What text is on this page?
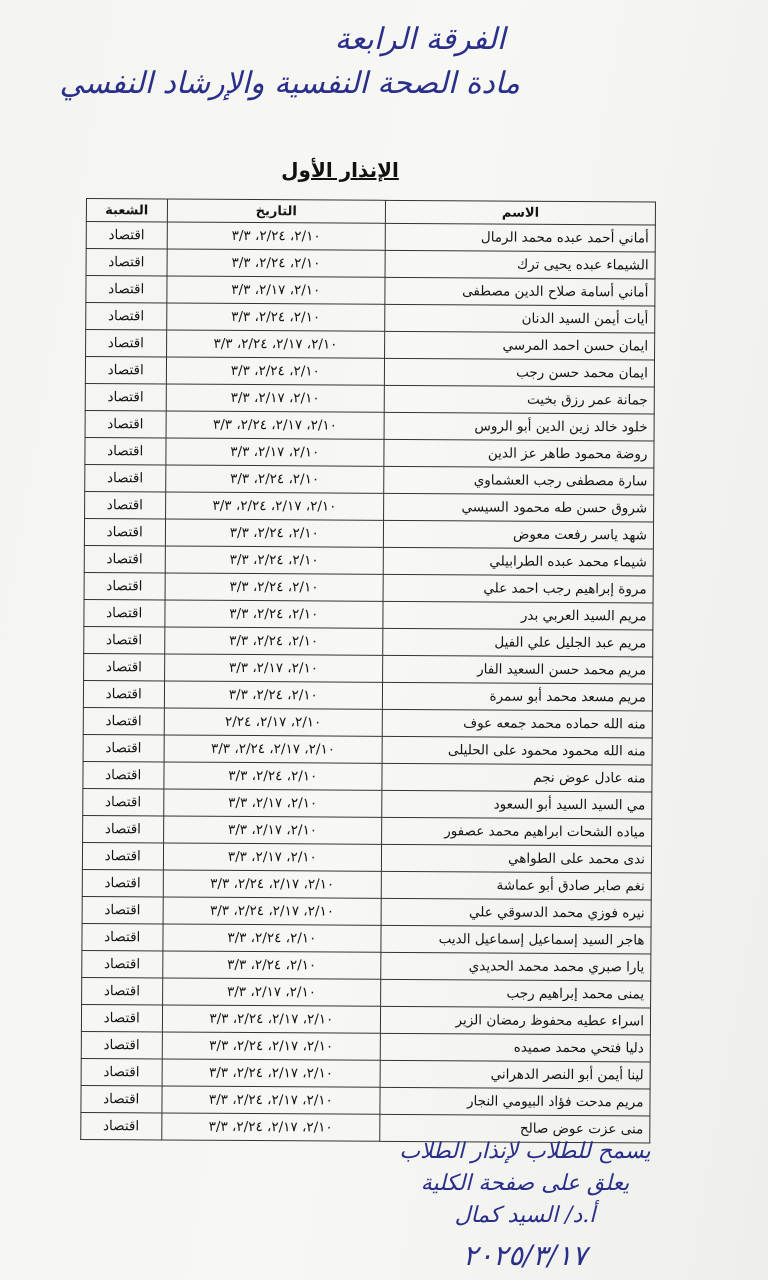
الفرقة الرابعة
مادة الصحة النفسية والإرشاد النفسي
الإنذار الأول
الاسم	التاريخ	الشعبة
أماني أحمد عبده محمد الرمال	٢/١٠، ٢/٢٤، ٣/٣	اقتصاد
الشيماء عبده يحيى ترك	٢/١٠، ٢/٢٤، ٣/٣	اقتصاد
أماني أسامة صلاح الدين مصطفى	٢/١٠، ٢/١٧، ٣/٣	اقتصاد
أيات أيمن السيد الدنان	٢/١٠، ٢/٢٤، ٣/٣	اقتصاد
ايمان حسن احمد المرسي	٢/١٠، ٢/١٧، ٢/٢٤، ٣/٣	اقتصاد
ايمان محمد حسن رجب	٢/١٠، ٢/٢٤، ٣/٣	اقتصاد
جمانة عمر رزق بخيت	٢/١٠، ٢/١٧، ٣/٣	اقتصاد
خلود خالد زين الدين أبو الروس	٢/١٠، ٢/١٧، ٢/٢٤، ٣/٣	اقتصاد
روضة محمود طاهر عز الدين	٢/١٠، ٢/١٧، ٣/٣	اقتصاد
سارة مصطفى رجب العشماوي	٢/١٠، ٢/٢٤، ٣/٣	اقتصاد
شروق حسن طه محمود السيسي	٢/١٠، ٢/١٧، ٢/٢٤، ٣/٣	اقتصاد
شهد ياسر رفعت معوض	٢/١٠، ٢/٢٤، ٣/٣	اقتصاد
شيماء محمد عبده الطرابيلي	٢/١٠، ٢/٢٤، ٣/٣	اقتصاد
مروة إبراهيم رجب احمد علي	٢/١٠، ٢/٢٤، ٣/٣	اقتصاد
مريم السيد العربي بدر	٢/١٠، ٢/٢٤، ٣/٣	اقتصاد
مريم عبد الجليل علي الفيل	٢/١٠، ٢/٢٤، ٣/٣	اقتصاد
مريم محمد حسن السعيد الفار	٢/١٠، ٢/١٧، ٣/٣	اقتصاد
مريم مسعد محمد أبو سمرة	٢/١٠، ٢/٢٤، ٣/٣	اقتصاد
منه الله حماده محمد جمعه عوف	٢/١٠، ٢/١٧، ٢/٢٤	اقتصاد
منه الله محمود محمود على الحليلى	٢/١٠، ٢/١٧، ٢/٢٤، ٣/٣	اقتصاد
منه عادل عوض نجم	٢/١٠، ٢/٢٤، ٣/٣	اقتصاد
مي السيد السيد أبو السعود	٢/١٠، ٢/١٧، ٣/٣	اقتصاد
مياده الشحات ابراهيم محمد عصفور	٢/١٠، ٢/١٧، ٣/٣	اقتصاد
ندى محمد على الطواهي	٢/١٠، ٢/١٧، ٣/٣	اقتصاد
نغم صابر صادق أبو عماشة	٢/١٠، ٢/١٧، ٢/٢٤، ٣/٣	اقتصاد
نيره فوزي محمد الدسوقي علي	٢/١٠، ٢/١٧، ٢/٢٤، ٣/٣	اقتصاد
هاجر السيد إسماعيل إسماعيل الديب	٢/١٠، ٢/٢٤، ٣/٣	اقتصاد
يارا صبري محمد محمد الحديدي	٢/١٠، ٢/٢٤، ٣/٣	اقتصاد
يمنى محمد إبراهيم رجب	٢/١٠، ٢/١٧، ٣/٣	اقتصاد
اسراء عطيه محفوظ رمضان الزير	٢/١٠، ٢/١٧، ٢/٢٤، ٣/٣	اقتصاد
دليا فتحي محمد صميده	٢/١٠، ٢/١٧، ٢/٢٤، ٣/٣	اقتصاد
لينا أيمن أبو النصر الدهراني	٢/١٠، ٢/١٧، ٢/٢٤، ٣/٣	اقتصاد
مريم مدحت فؤاد البيومي النجار	٢/١٠، ٢/١٧، ٢/٢٤، ٣/٣	اقتصاد
منى عزت عوض صالح	٢/١٠، ٢/١٧، ٢/٢٤، ٣/٣	اقتصاد
يسمح للطلاب لإنذار الطلاب
يعلق على صفحة الكلية
أ.د/ السيد كمال
٢٠٢٥/٣/١٧
